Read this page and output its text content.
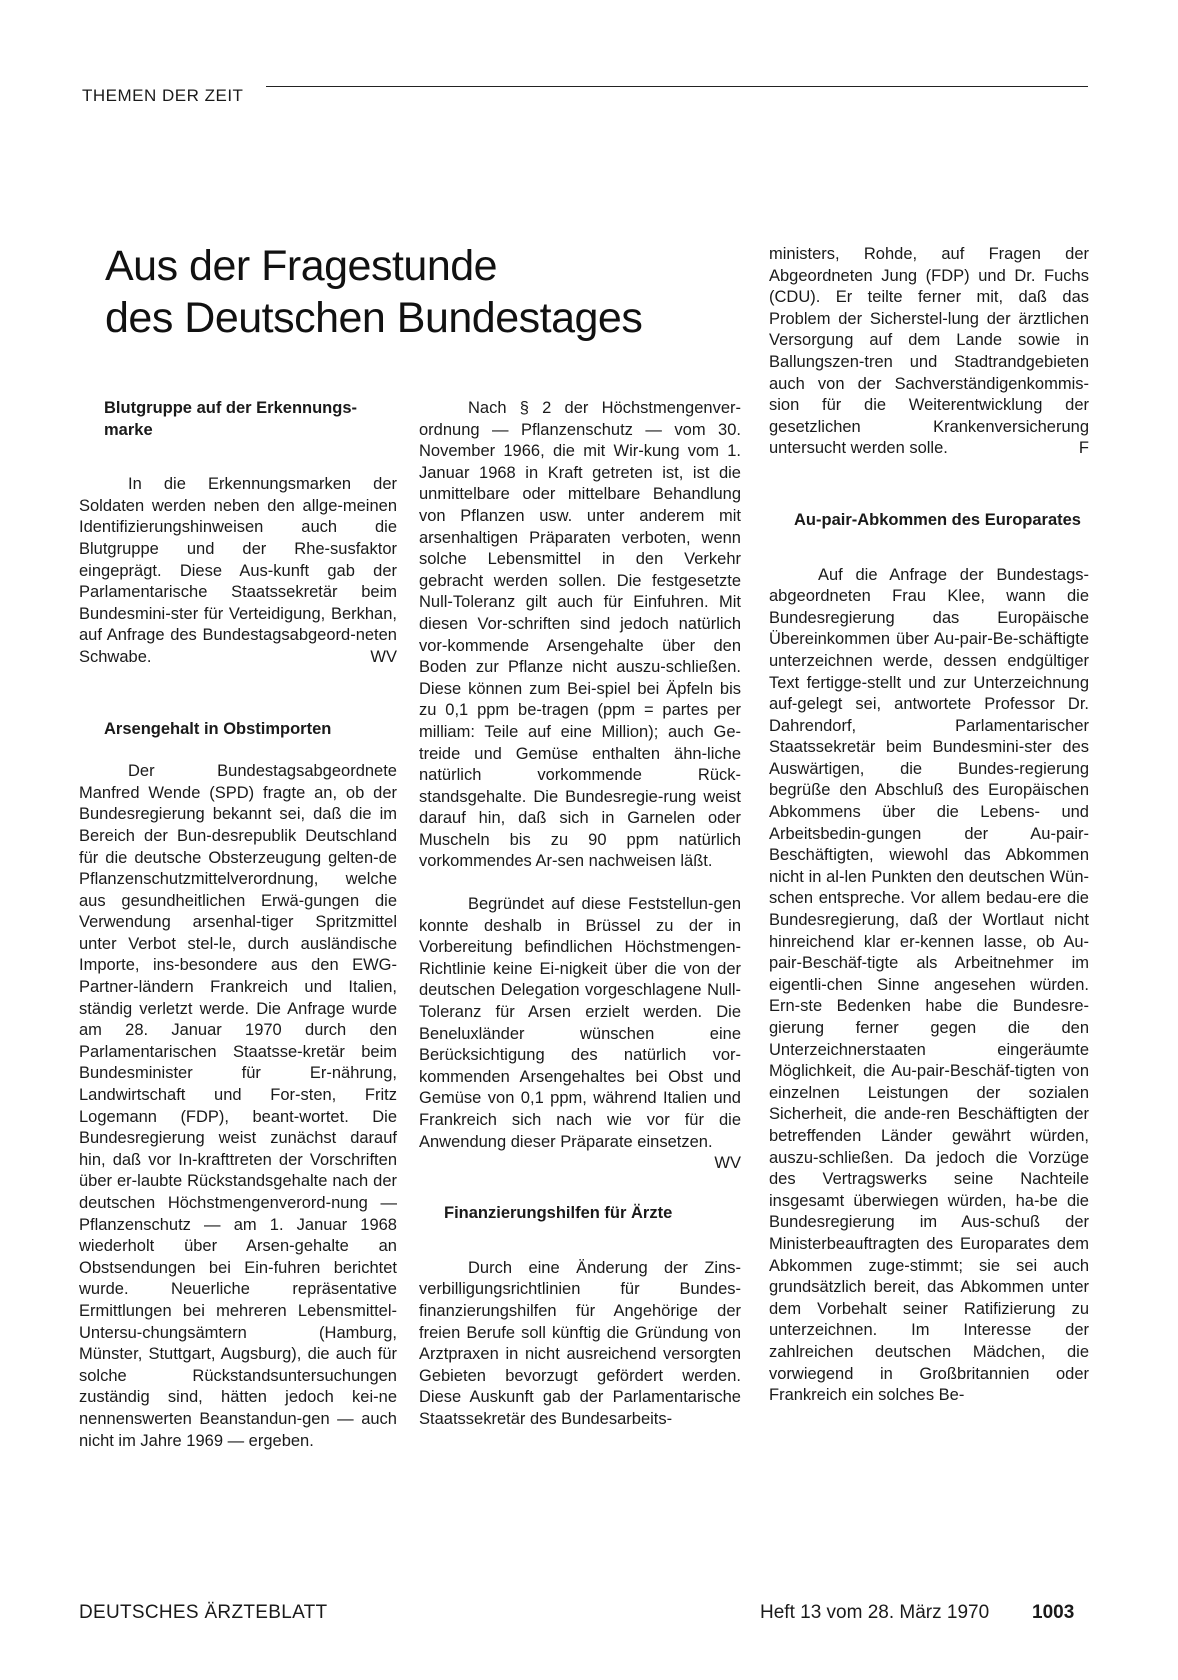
THEMEN DER ZEIT
Aus der Fragestunde
des Deutschen Bundestages
Blutgruppe auf der Erkennungs-marke

In die Erkennungsmarken der Soldaten werden neben den allge-meinen Identifizierungshinweisen auch die Blutgruppe und der Rhe-susfaktor eingeprägt. Diese Aus-kunft gab der Parlamentarische Staatssekretär beim Bundesmini-ster für Verteidigung, Berkhan, auf Anfrage des Bundestagsabgeord-neten Schwabe.	WV

Arsengehalt in Obstimporten

Der Bundestagsabgeordnete Manfred Wende (SPD) fragte an, ob der Bundesregierung bekannt sei, daß die im Bereich der Bun-desrepublik Deutschland für die deutsche Obsterzeugung gelten-de Pflanzenschutzmittelverordnung, welche aus gesundheitlichen Erwä-gungen die Verwendung arsenhal-tiger Spritzmittel unter Verbot stel-le, durch ausländische Importe, ins-besondere aus den EWG-Partner-ländern Frankreich und Italien, ständig verletzt werde. Die Anfrage wurde am 28. Januar 1970 durch den Parlamentarischen Staatsse-kretär beim Bundesminister für Er-nährung, Landwirtschaft und For-sten, Fritz Logemann (FDP), beant-wortet. Die Bundesregierung weist zunächst darauf hin, daß vor In-krafttreten der Vorschriften über er-laubte Rückstandsgehalte nach der deutschen Höchstmengenverord-nung — Pflanzenschutz — am 1. Januar 1968 wiederholt über Arsen-gehalte an Obstsendungen bei Ein-fuhren berichtet wurde. Neuerliche repräsentative Ermittlungen bei mehreren Lebensmittel-Untersu-chungsämtern (Hamburg, Münster, Stuttgart, Augsburg), die auch für solche Rückstandsuntersuchungen zuständig sind, hätten jedoch kei-ne nennenswerten Beanstandun-gen — auch nicht im Jahre 1969 — ergeben.

Nach § 2 der Höchstmengenver-ordnung — Pflanzenschutz — vom 30. November 1966, die mit Wir-kung vom 1. Januar 1968 in Kraft getreten ist, ist die unmittelbare oder mittelbare Behandlung von Pflanzen usw. unter anderem mit arsenhaltigen Präparaten verboten, wenn solche Lebensmittel in den Verkehr gebracht werden sollen. Die festgesetzte Null-Toleranz gilt auch für Einfuhren. Mit diesen Vor-schriften sind jedoch natürlich vor-kommende Arsengehalte über den Boden zur Pflanze nicht auszu-schließen. Diese können zum Bei-spiel bei Äpfeln bis zu 0,1 ppm be-tragen (ppm = partes per milliam: Teile auf eine Million); auch Ge-treide und Gemüse enthalten ähn-liche natürlich vorkommende Rück-standsgehalte. Die Bundesregie-rung weist darauf hin, daß sich in Garnelen oder Muscheln bis zu 90 ppm natürlich vorkommendes Ar-sen nachweisen läßt.

Begründet auf diese Feststellun-gen konnte deshalb in Brüssel zu der in Vorbereitung befindlichen Höchstmengen-Richtlinie keine Ei-nigkeit über die von der deutschen Delegation vorgeschlagene Null-Toleranz für Arsen erzielt werden. Die Beneluxländer wünschen eine Berücksichtigung des natürlich vor-kommenden Arsengehaltes bei Obst und Gemüse von 0,1 ppm, während Italien und Frankreich sich nach wie vor für die Anwendung dieser Präparate einsetzen.
WV

Finanzierungshilfen für Ärzte

Durch eine Änderung der Zins-verbilligungsrichtlinien für Bundes-finanzierungshilfen für Angehörige der freien Berufe soll künftig die Gründung von Arztpraxen in nicht ausreichend versorgten Gebieten bevorzugt gefördert werden. Diese Auskunft gab der Parlamentarische Staatssekretär des Bundesarbeits-

ministers, Rohde, auf Fragen der Abgeordneten Jung (FDP) und Dr. Fuchs (CDU). Er teilte ferner mit, daß das Problem der Sicherstel-lung der ärztlichen Versorgung auf dem Lande sowie in Ballungszen-tren und Stadtrandgebieten auch von der Sachverständigenkommis-sion für die Weiterentwicklung der gesetzlichen Krankenversicherung untersucht werden solle.	F

Au-pair-Abkommen des Europarates

Auf die Anfrage der Bundestags-abgeordneten Frau Klee, wann die Bundesregierung das Europäische Übereinkommen über Au-pair-Be-schäftigte unterzeichnen werde, dessen endgültiger Text fertigge-stellt und zur Unterzeichnung auf-gelegt sei, antwortete Professor Dr. Dahrendorf, Parlamentarischer Staatssekretär beim Bundesmini-ster des Auswärtigen, die Bundes-regierung begrüße den Abschluß des Europäischen Abkommens über die Lebens- und Arbeitsbedin-gungen der Au-pair-Beschäftigten, wiewohl das Abkommen nicht in al-len Punkten den deutschen Wün-schen entspreche. Vor allem bedau-ere die Bundesregierung, daß der Wortlaut nicht hinreichend klar er-kennen lasse, ob Au-pair-Beschäf-tigte als Arbeitnehmer im eigentli-chen Sinne angesehen würden. Ern-ste Bedenken habe die Bundesre-gierung ferner gegen die den Unterzeichnerstaaten eingeräumte Möglichkeit, die Au-pair-Beschäf-tigten von einzelnen Leistungen der sozialen Sicherheit, die ande-ren Beschäftigten der betreffenden Länder gewährt würden, auszu-schließen. Da jedoch die Vorzüge des Vertragswerks seine Nachteile insgesamt überwiegen würden, ha-be die Bundesregierung im Aus-schuß der Ministerbeauftragten des Europarates dem Abkommen zuge-stimmt; sie sei auch grundsätzlich bereit, das Abkommen unter dem Vorbehalt seiner Ratifizierung zu unterzeichnen. Im Interesse der zahlreichen deutschen Mädchen, die vorwiegend in Großbritannien oder Frankreich ein solches Be-

DEUTSCHES ÄRZTEBLATT	Heft 13 vom 28. März 1970 1003
